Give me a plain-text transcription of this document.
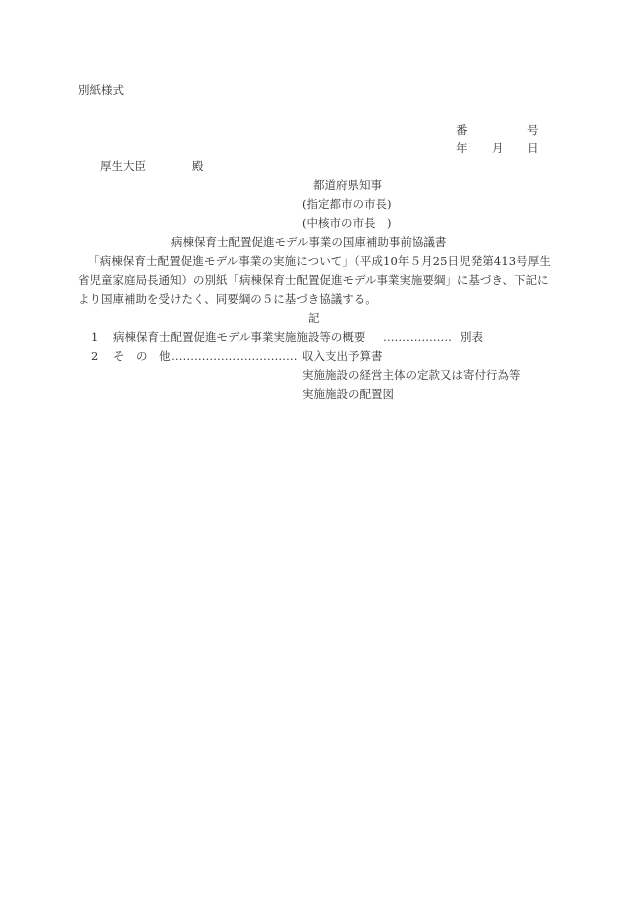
別紙様式
番	号
年 月 日
厚生大臣	殿
都道府県知事
(指定都市の市長)
(中核市の市長　)
病棟保育士配置促進モデル事業の国庫補助事前協議書
「病棟保育士配置促進モデル事業の実施について」（平成10年５月25日児発第413号厚生
省児童家庭局長通知）の別紙「病棟保育士配置促進モデル事業実施要綱」に基づき、下記に
より国庫補助を受けたく、同要綱の５に基づき協議する。
記
1 病棟保育士配置促進モデル事業実施施設等の概要 ……………… 別表
2 そ　の　他 …………………………… 収入支出予算書
実施施設の経営主体の定款又は寄付行為等
実施施設の配置図
